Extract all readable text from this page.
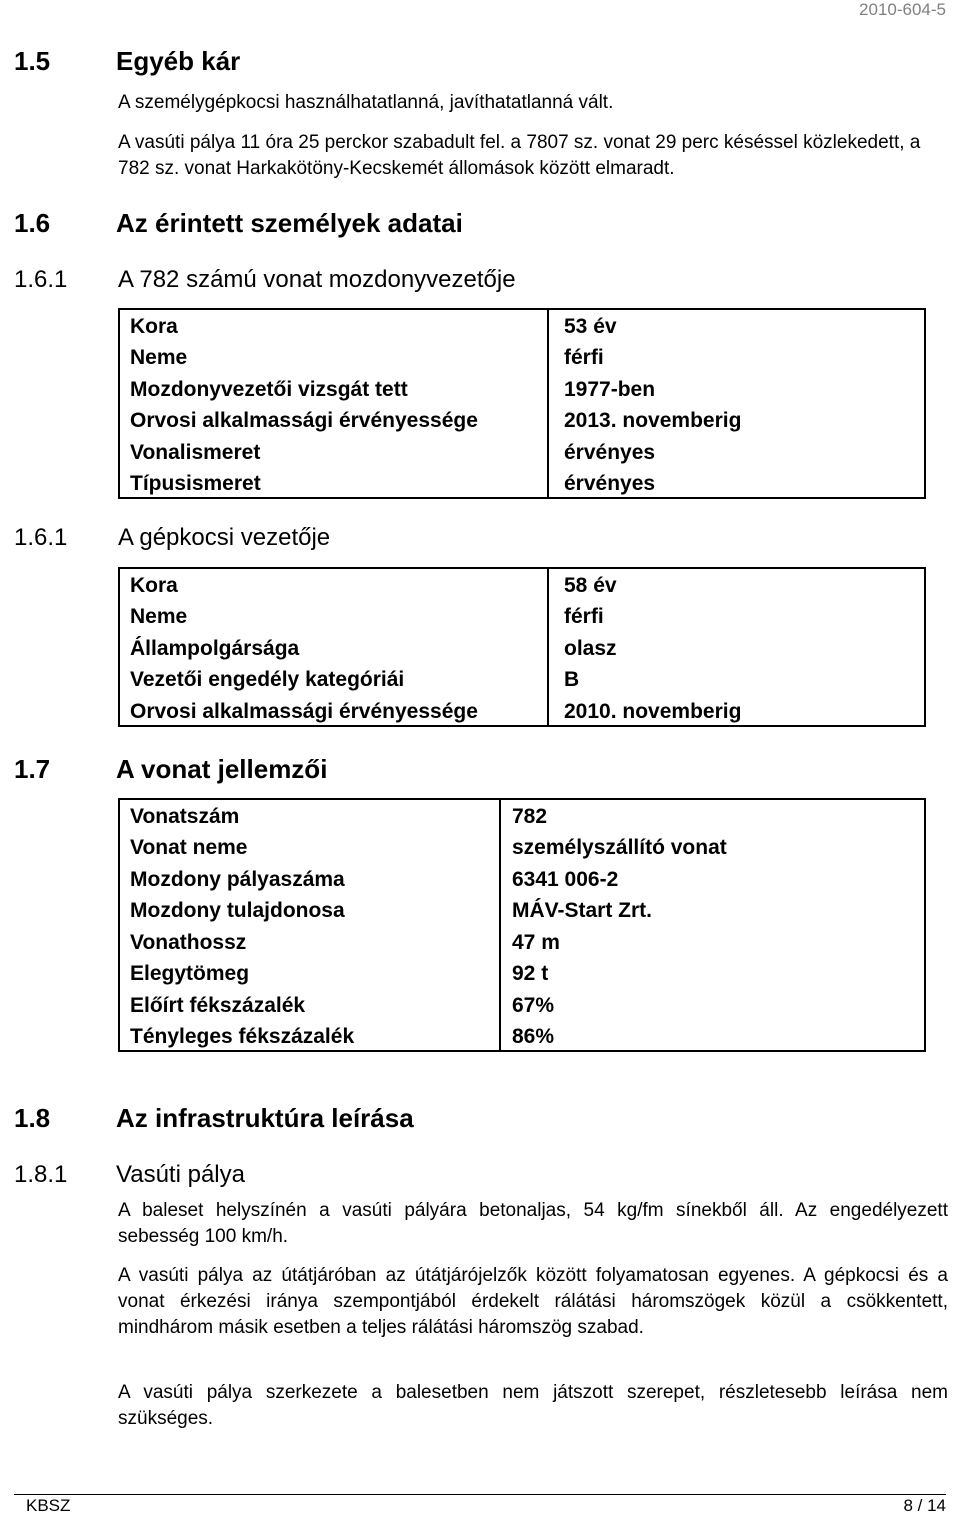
2010-604-5
1.5	Egyéb kár
A személygépkocsi használhatatlanná, javíthatatlanná vált.
A vasúti pálya 11 óra 25 perckor szabadult fel. a 7807 sz. vonat 29 perc késéssel közlekedett, a 782 sz. vonat Harkakötöny-Kecskemét állomások között elmaradt.
1.6	Az érintett személyek adatai
1.6.1 A 782 számú vonat mozdonyvezetője
Kora	53 év
Neme	férfi
Mozdonyvezetői vizsgát tett	1977-ben
Orvosi alkalmassági érvényessége	2013. novemberig
Vonalismeret	érvényes
Típusismeret	érvényes
1.6.1 A gépkocsi vezetője
Kora	58 év
Neme	férfi
Állampolgársága	olasz
Vezetői engedély kategóriái	B
Orvosi alkalmassági érvényessége	2010. novemberig
1.7	A vonat jellemzői
Vonatszám	782
Vonat neme	személyszállító vonat
Mozdony pályaszáma	6341 006-2
Mozdony tulajdonosa	MÁV-Start Zrt.
Vonathossz	47 m
Elegytömeg	92 t
Előírt fékszázalék	67%
Tényleges fékszázalék	86%
1.8	Az infrastruktúra leírása
1.8.1 Vasúti pálya
A baleset helyszínén a vasúti pályára betonaljas, 54 kg/fm sínekből áll. Az engedélyezett sebesség 100 km/h.
A vasúti pálya az útátjáróban az útátjárójelzők között folyamatosan egyenes. A gépkocsi és a vonat érkezési iránya szempontjából érdekelt rálátási háromszögek közül a csökkentett, mindhárom másik esetben a teljes rálátási háromszög szabad.
A vasúti pálya szerkezete a balesetben nem játszott szerepet, részletesebb leírása nem szükséges.
KBSZ	8 / 14
